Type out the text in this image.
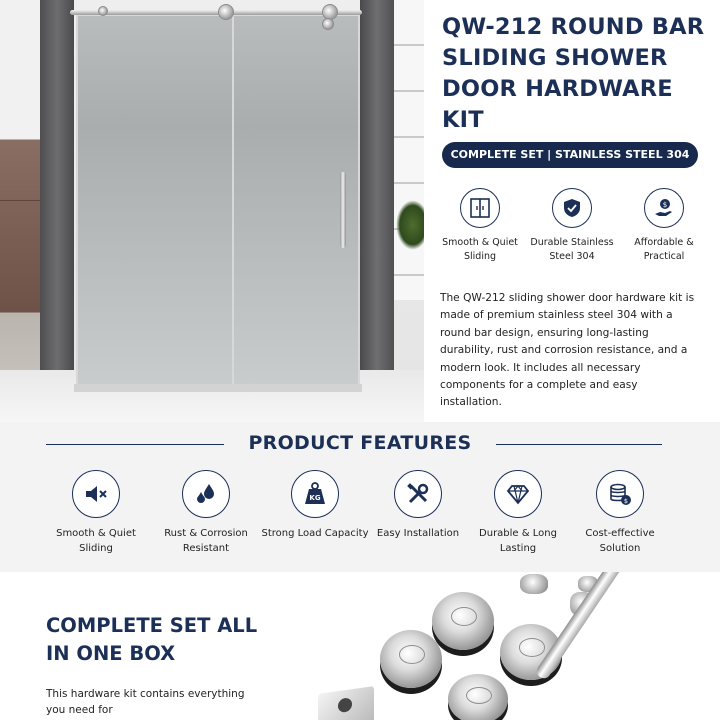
QW-212 ROUND BAR SLIDING SHOWER DOOR HARDWARE KIT
COMPLETE SET | STAINLESS STEEL 304
Smooth & Quiet Sliding
Durable Stainless Steel 304
$
Affordable & Practical
The QW-212 sliding shower door hardware kit is made of premium stainless steel 304 with a round bar design, ensuring long-lasting durability, rust and corrosion resistance, and a modern look. It includes all necessary components for a complete and easy installation.
PRODUCT FEATURES
Smooth & Quiet Sliding
Rust & Corrosion Resistant
KG
Strong Load Capacity Easy Installation	Durable & Long Lasting
$
Cost-effective Solution
COMPLETE SET ALL IN ONE BOX
This hardware kit contains everything you need for
